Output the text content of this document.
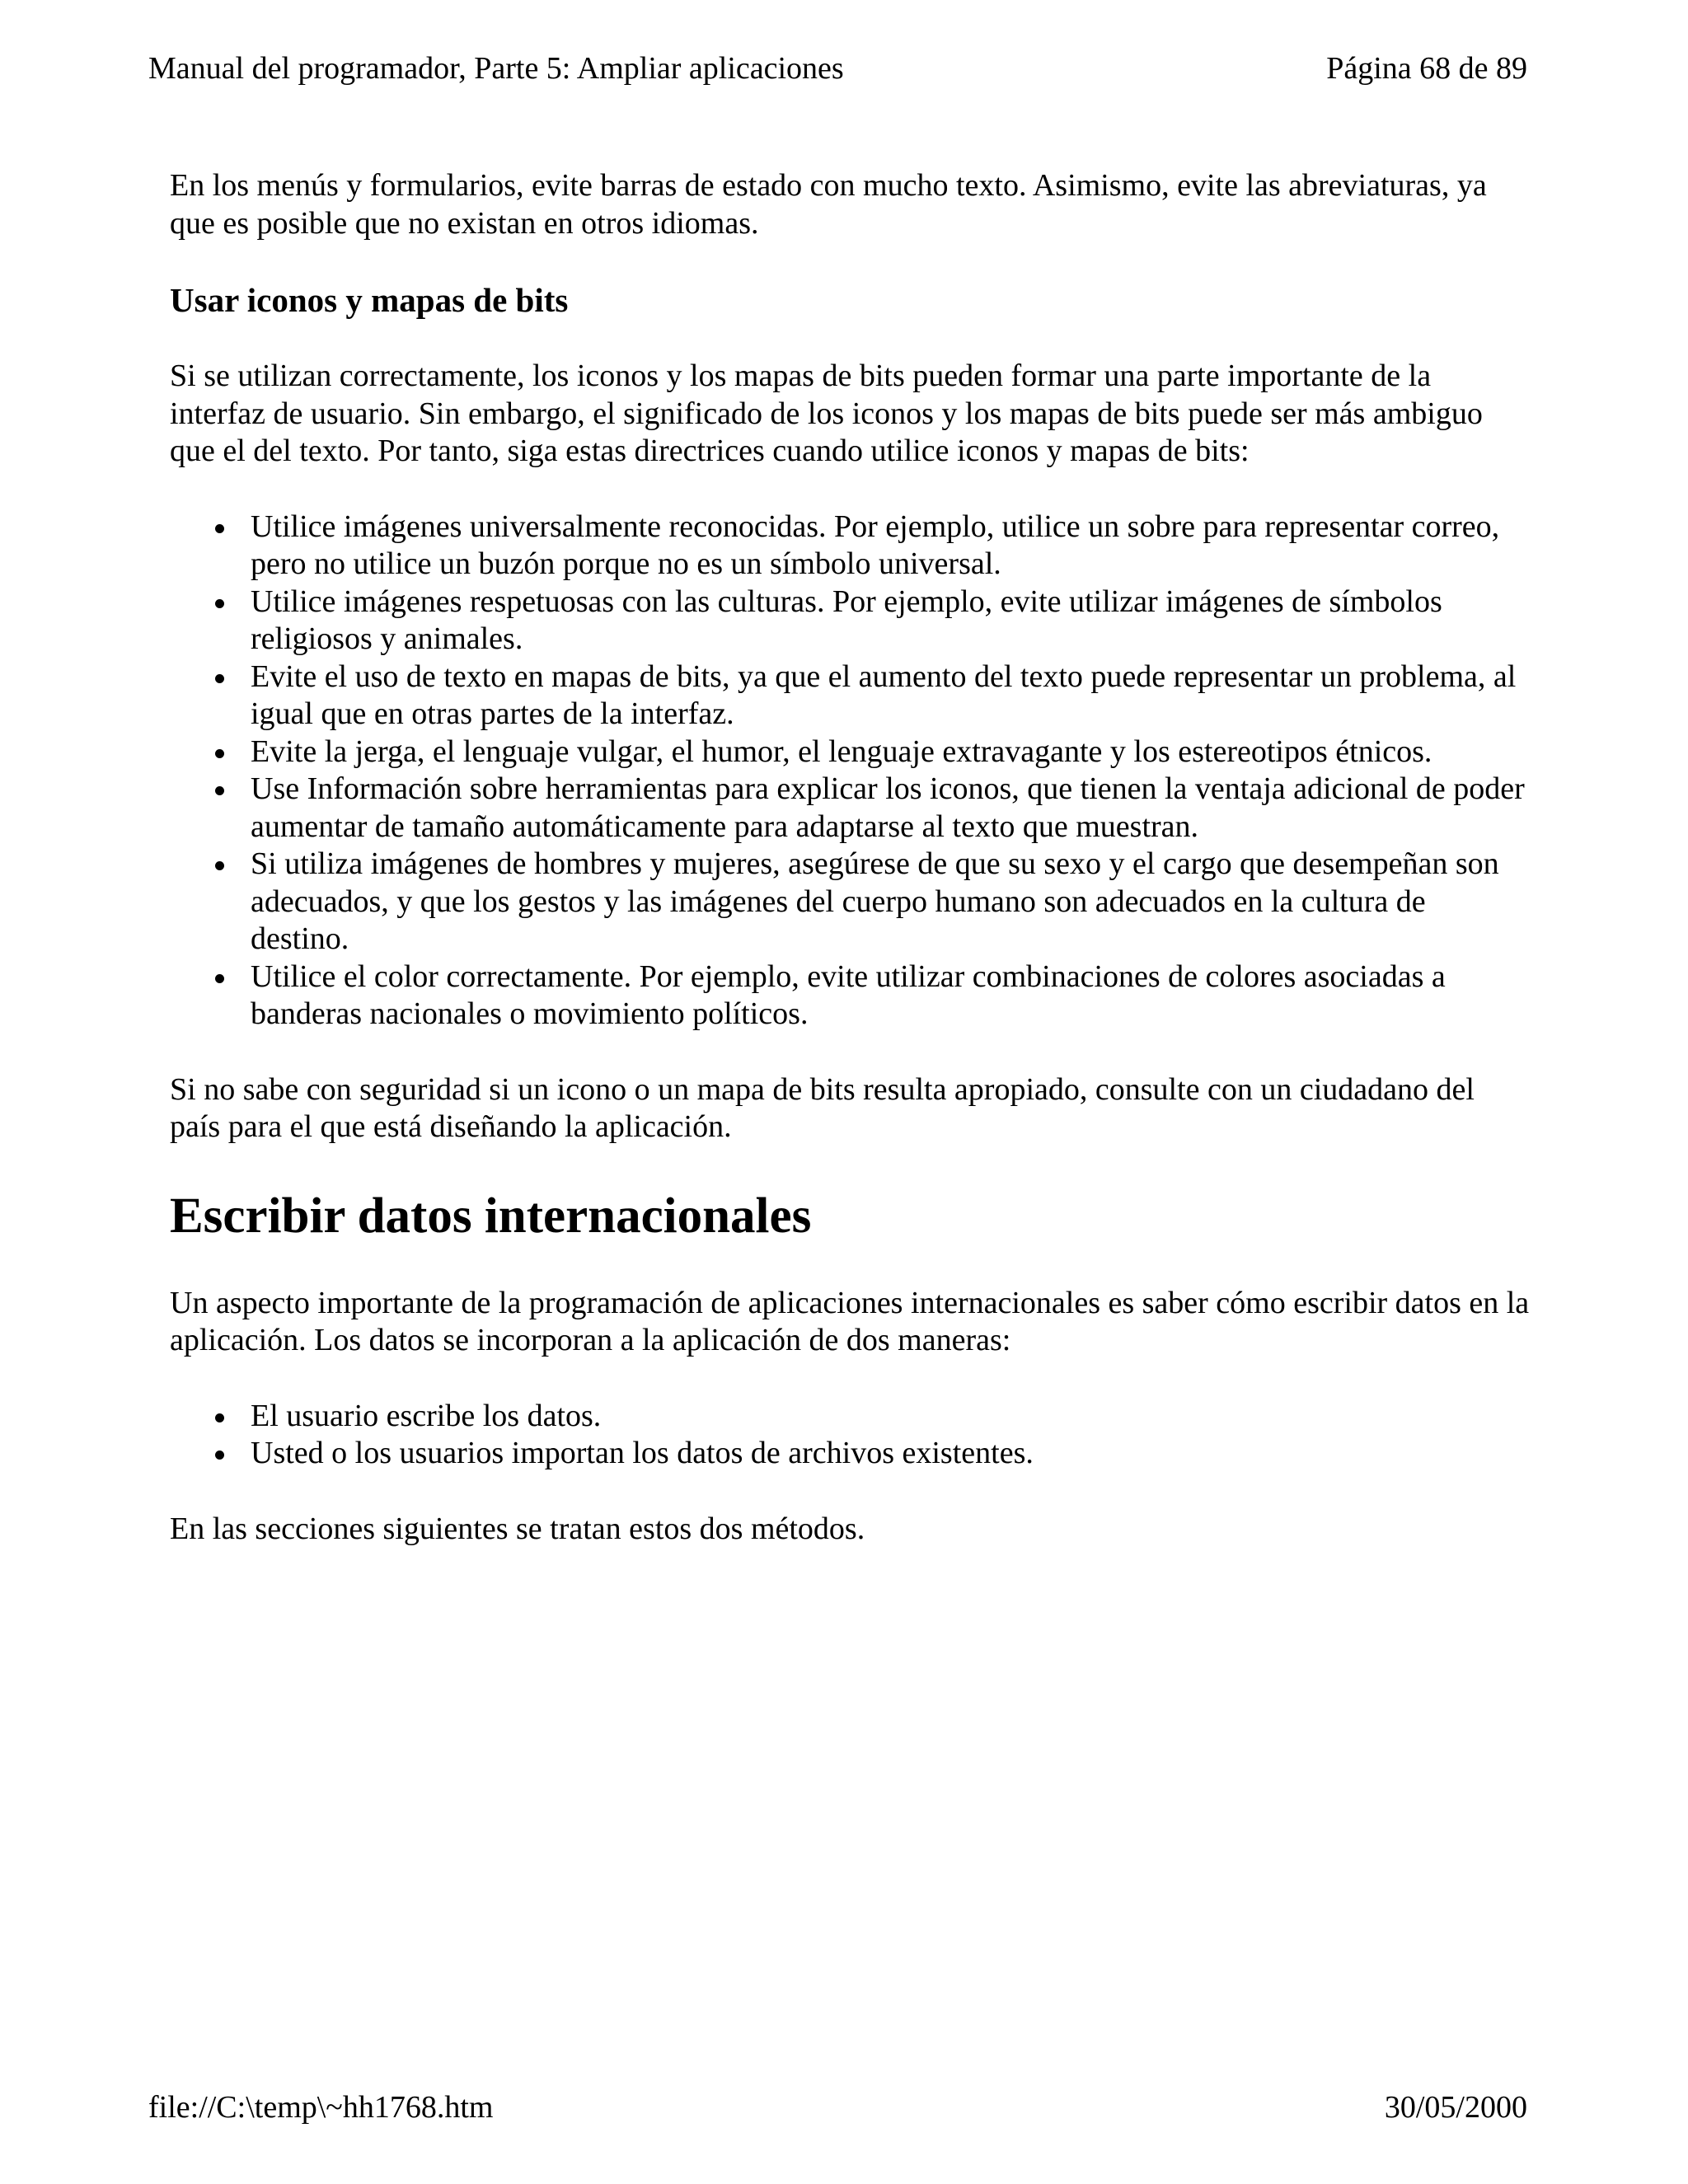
Manual del programador, Parte 5: Ampliar aplicaciones	Página 68 de 89

En los menús y formularios, evite barras de estado con mucho texto. Asimismo, evite las abreviaturas, ya que es posible que no existan en otros idiomas.

Usar iconos y mapas de bits

Si se utilizan correctamente, los iconos y los mapas de bits pueden formar una parte importante de la interfaz de usuario. Sin embargo, el significado de los iconos y los mapas de bits puede ser más ambiguo que el del texto. Por tanto, siga estas directrices cuando utilice iconos y mapas de bits:

Utilice imágenes universalmente reconocidas. Por ejemplo, utilice un sobre para representar correo, pero no utilice un buzón porque no es un símbolo universal.
Utilice imágenes respetuosas con las culturas. Por ejemplo, evite utilizar imágenes de símbolos religiosos y animales.
Evite el uso de texto en mapas de bits, ya que el aumento del texto puede representar un problema, al igual que en otras partes de la interfaz.
Evite la jerga, el lenguaje vulgar, el humor, el lenguaje extravagante y los estereotipos étnicos.
Use Información sobre herramientas para explicar los iconos, que tienen la ventaja adicional de poder aumentar de tamaño automáticamente para adaptarse al texto que muestran.
Si utiliza imágenes de hombres y mujeres, asegúrese de que su sexo y el cargo que desempeñan son adecuados, y que los gestos y las imágenes del cuerpo humano son adecuados en la cultura de destino.
Utilice el color correctamente. Por ejemplo, evite utilizar combinaciones de colores asociadas a banderas nacionales o movimiento políticos.

Si no sabe con seguridad si un icono o un mapa de bits resulta apropiado, consulte con un ciudadano del país para el que está diseñando la aplicación.

Escribir datos internacionales

Un aspecto importante de la programación de aplicaciones internacionales es saber cómo escribir datos en la aplicación. Los datos se incorporan a la aplicación de dos maneras:

El usuario escribe los datos.
Usted o los usuarios importan los datos de archivos existentes.

En las secciones siguientes se tratan estos dos métodos.

file://C:\temp\~hh1768.htm	30/05/2000
